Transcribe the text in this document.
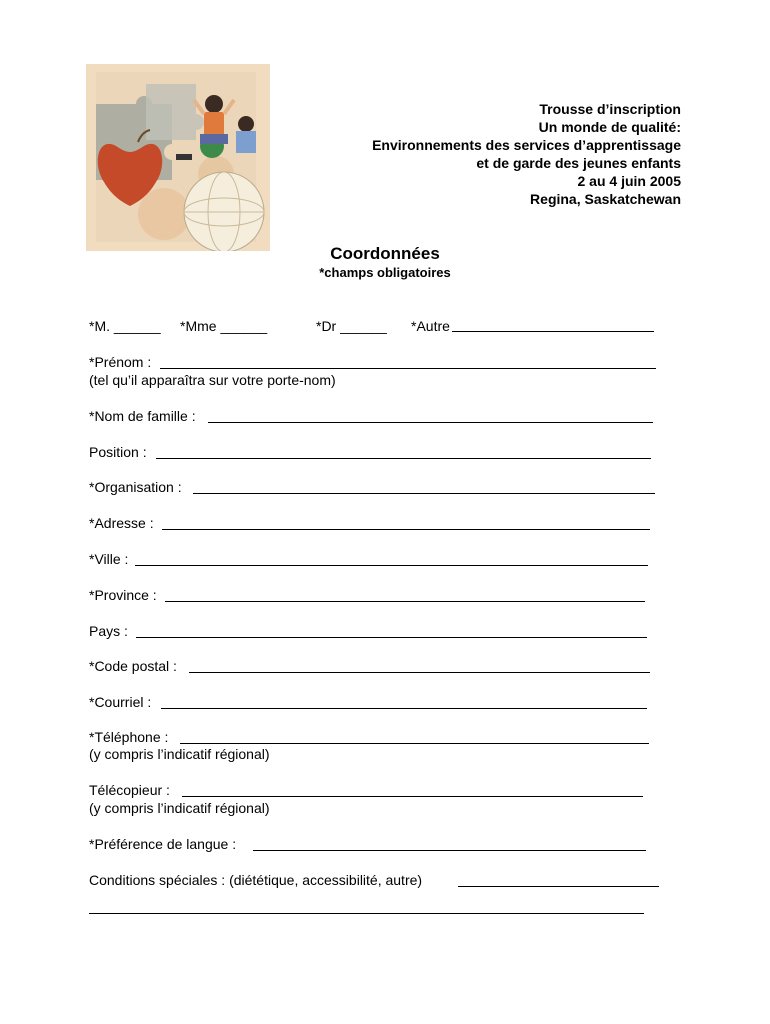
Trousse d’inscription
Un monde de qualité:
Environnements des services d’apprentissage
et de garde des jeunes enfants
2 au 4 juin 2005
Regina, Saskatchewan
Coordonnées
*champs obligatoires
*M. ______ *Mme ______	*Dr ______ *Autre
*Prénom :
(tel qu’il apparaîtra sur votre porte-nom)
*Nom de famille :
Position :
*Organisation :
*Adresse :
*Ville :
*Province :
Pays :
*Code postal :
*Courriel :
*Téléphone :
(y compris l’indicatif régional)
Télécopieur :
(y compris l’indicatif régional)
*Préférence de langue :
Conditions spéciales : (diététique, accessibilité, autre)
